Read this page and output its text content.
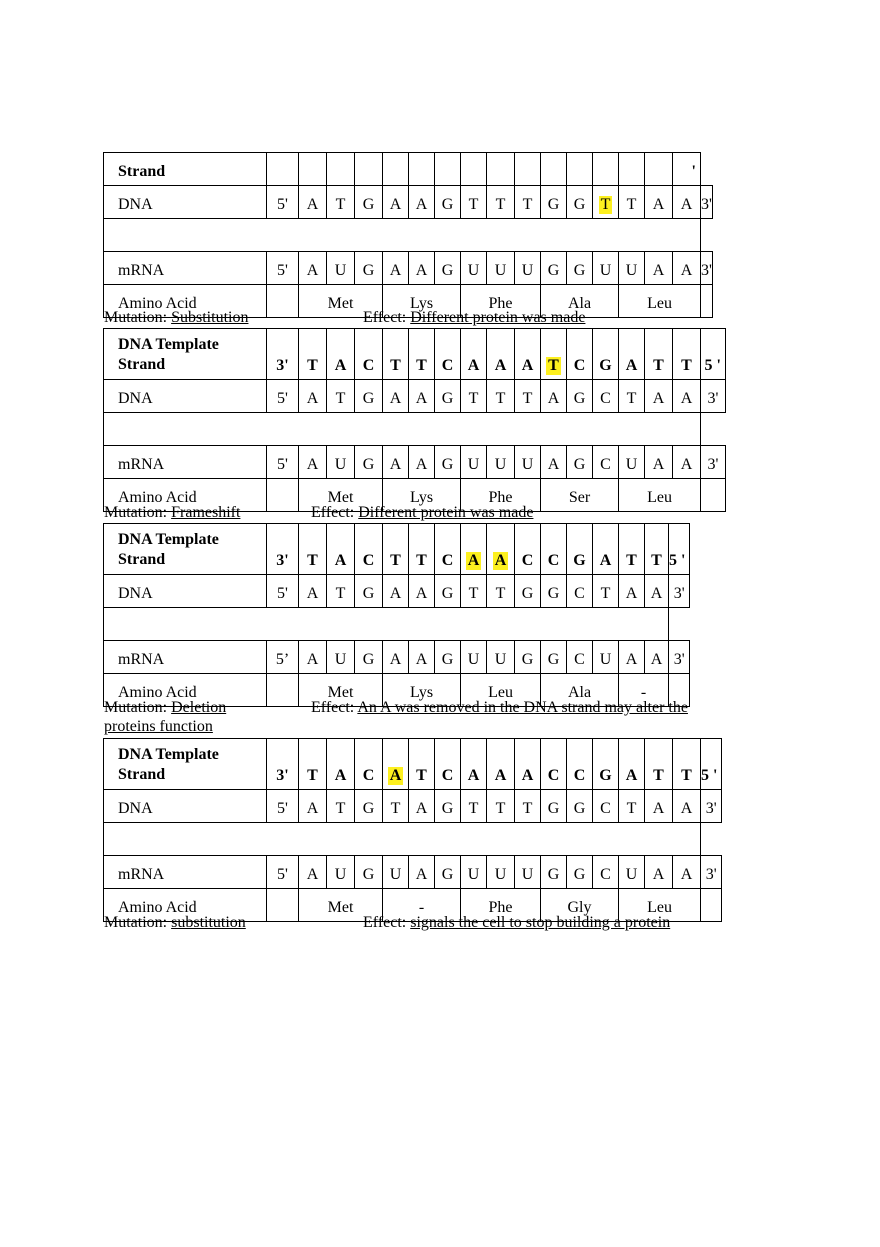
Strand																'	
DNA	5'	A	T	G	A	A	G	T	T	T	G	G	T	T	A	A	3'

mRNA	5'	A	U	G	A	A	G	U	U	U	G	G	U	U	A	A	3'
Amino Acid		Met			Lys			Phe			Ala			Leu			
Mutation: Substitution	Effect: Different protein was made
DNA Template
Strand	3'	T	A	C	T	T	C	A	A	A	T	C	G	A	T	T	5 '
DNA	5'	A	T	G	A	A	G	T	T	T	A	G	C	T	A	A	3'

mRNA	5'	A	U	G	A	A	G	U	U	U	A	G	C	U	A	A	3'
Amino Acid		Met			Lys			Phe			Ser			Leu			
Mutation: Frameshift	Effect: Different protein was made
DNA Template
Strand	3'	T	A	C	T	T	C	A	A	C	C	G	A	T	T	5 '
DNA	5'	A	T	G	A	A	G	T	T	G	G	C	T	A	A	3'

mRNA	5’	A	U	G	A	A	G	U	U	G	G	C	U	A	A	3'
Amino Acid		Met			Lys			Leu			Ala			-		
Mutation: Deletion	Effect: An A was removed in the DNA strand may alter the
proteins function
DNA Template
Strand	3'	T	A	C	A	T	C	A	A	A	C	C	G	A	T	T	5 '
DNA	5'	A	T	G	T	A	G	T	T	T	G	G	C	T	A	A	3'

mRNA	5'	A	U	G	U	A	G	U	U	U	G	G	C	U	A	A	3'
Amino Acid		Met			-			Phe			Gly			Leu			
Mutation: substitution	Effect: signals the cell to stop building a protein
